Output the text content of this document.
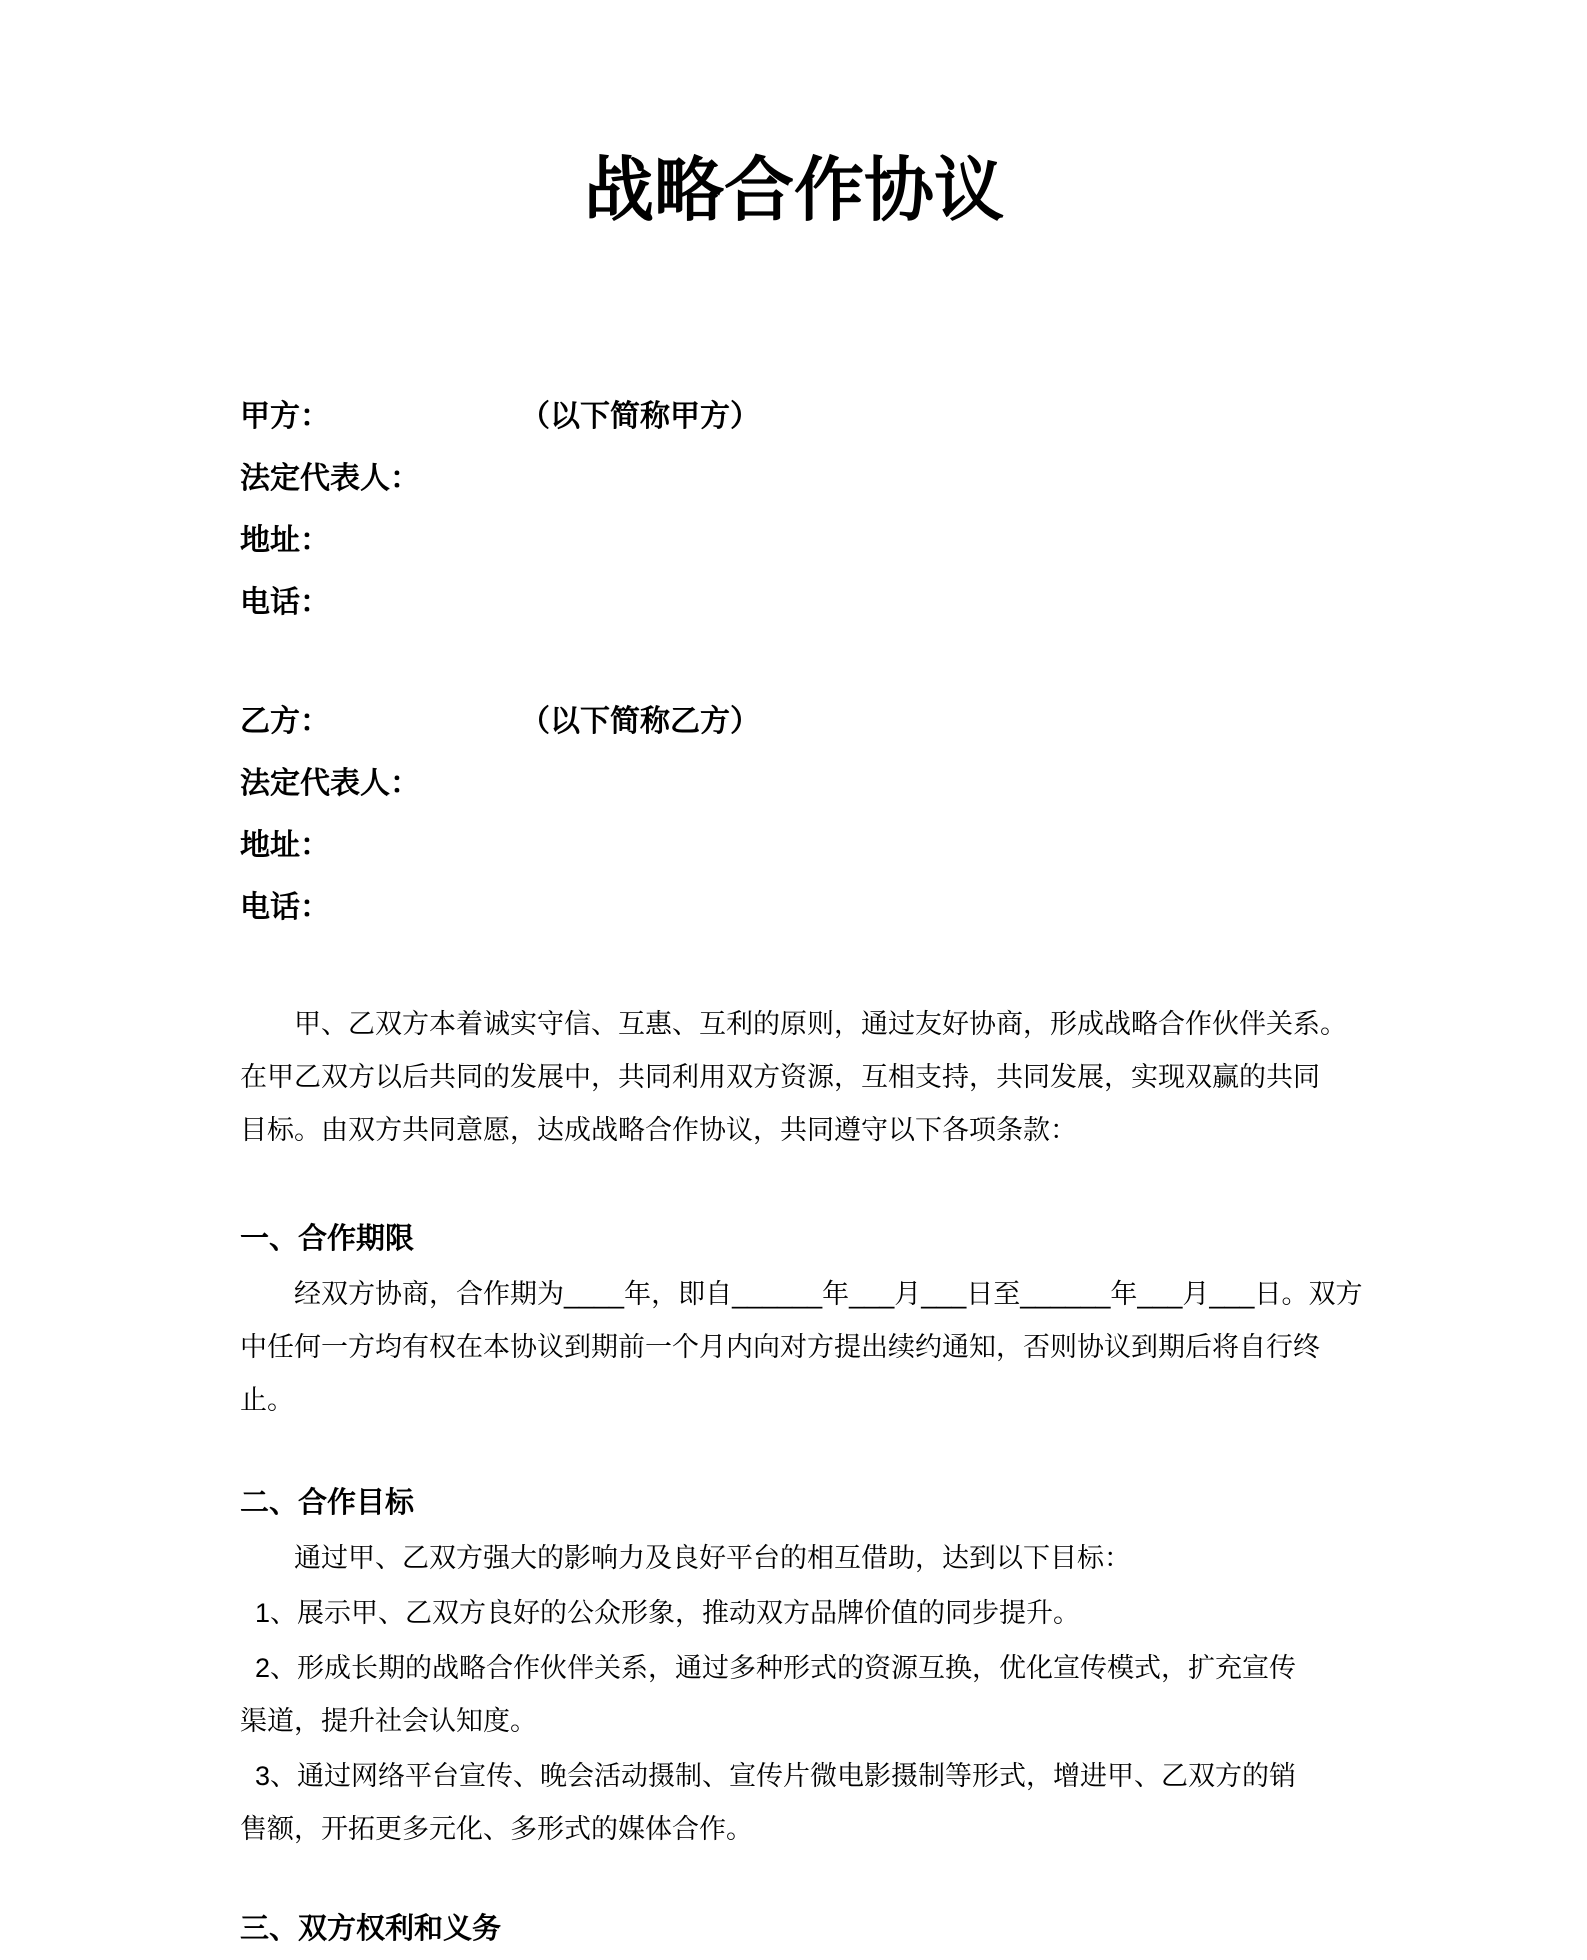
战略合作协议
甲方：	（以下简称甲方）
法定代表人：
地址：
电话：
乙方：	（以下简称乙方）
法定代表人：
地址：
电话：

甲、乙双方本着诚实守信、互惠、互利的原则，通过友好协商，形成战略合作伙伴关系。
在甲乙双方以后共同的发展中，共同利用双方资源，互相支持，共同发展，实现双赢的共同
目标。由双方共同意愿，达成战略合作协议，共同遵守以下各项条款：

一、合作期限

经双方协商，合作期为____年，即自______年___月___日至______年___月___日。双方
中任何一方均有权在本协议到期前一个月内向对方提出续约通知，否则协议到期后将自行终
止。

二、合作目标

通过甲、乙双方强大的影响力及良好平台的相互借助，达到以下目标：

1、展示甲、乙双方良好的公众形象，推动双方品牌价值的同步提升。

2、形成长期的战略合作伙伴关系，通过多种形式的资源互换，优化宣传模式，扩充宣传
渠道，提升社会认知度。

3、通过网络平台宣传、晚会活动摄制、宣传片微电影摄制等形式，增进甲、乙双方的销
售额，开拓更多元化、多形式的媒体合作。

三、双方权利和义务
